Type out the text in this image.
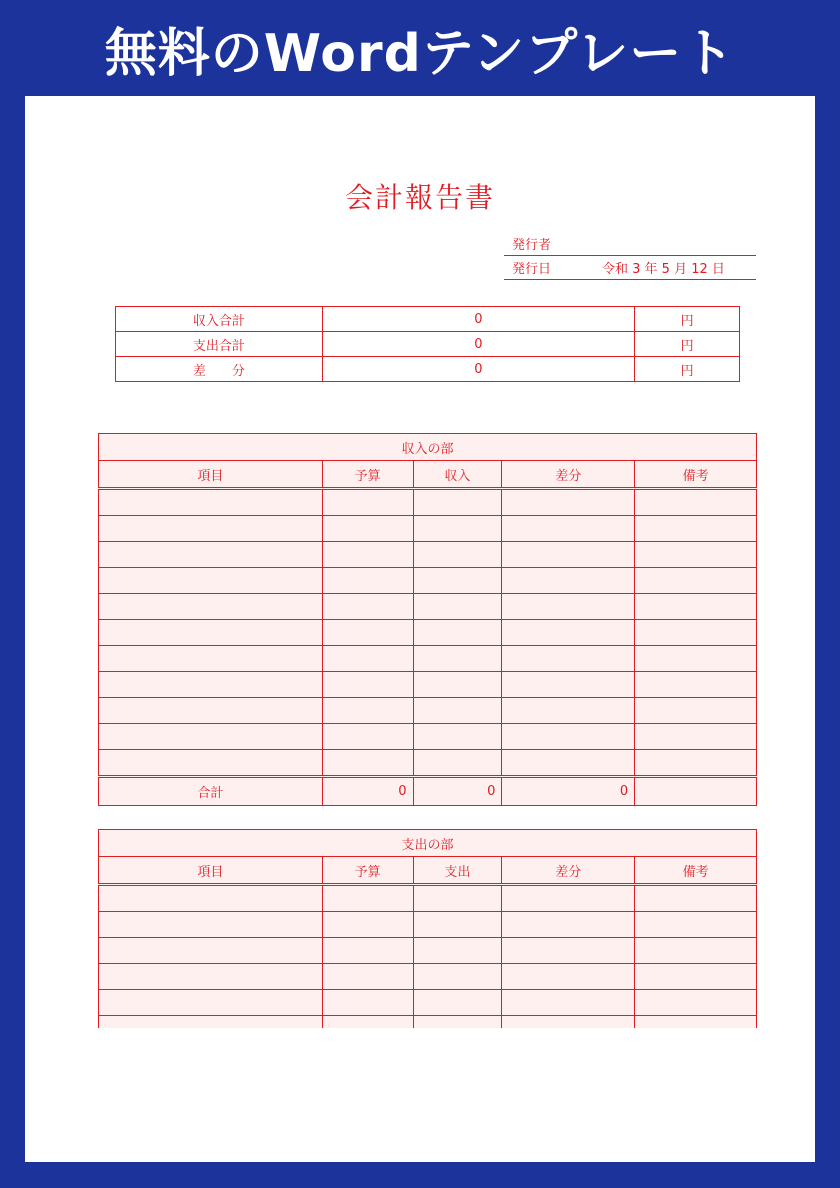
無料のWordテンプレート
会計報告書
発行者
発行日	令和 3 年 5 月 12 日
収入合計	0	円
支出合計	0	円
差　　分	0	円
収入の部				
項目	予算	収入	差分	備考

合計	0	0	0	
支出の部				
項目	予算	支出	差分	備考
